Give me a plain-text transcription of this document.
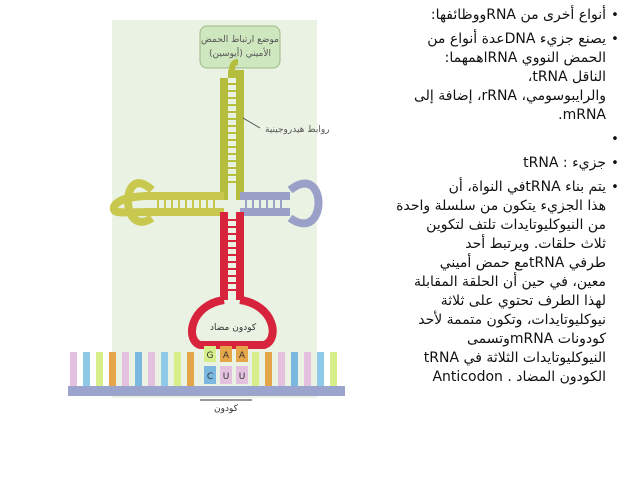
موضع ارتباط الحمض
الأميني (أيوسين)
روابط هيدروجينية
كودون مضاد
G A A
C U U
كودون
•
أنواع أخرى من RNAووظائفها:
•
يصنع جزيء DNAعدة أنواع من
الحمض النووي RNAاهمهما:
الناقل tRNA،
والرايبوسومي، rRNA، إضافة إلى
mRNA.
•
•
جزيء : tRNA
•
يتم بناء tRNAفي النواة، أن
هذا الجزيء يتكون من سلسلة واحدة
من النيوكليوتايدات تلتف لتكوين
ثلاث حلقات. ويرتبط أحد
طرفي tRNAمع حمض أميني
معين، في حين أن الحلقة المقابلة
لهذا الطرف تحتوي على ثلاثة
نيوكليوتايدات، وتكون متممة لأحد
كودونات mRNAوتسمى
النيوكليوتايدات الثلاثة في tRNA
الكودون المضاد . Anticodon
